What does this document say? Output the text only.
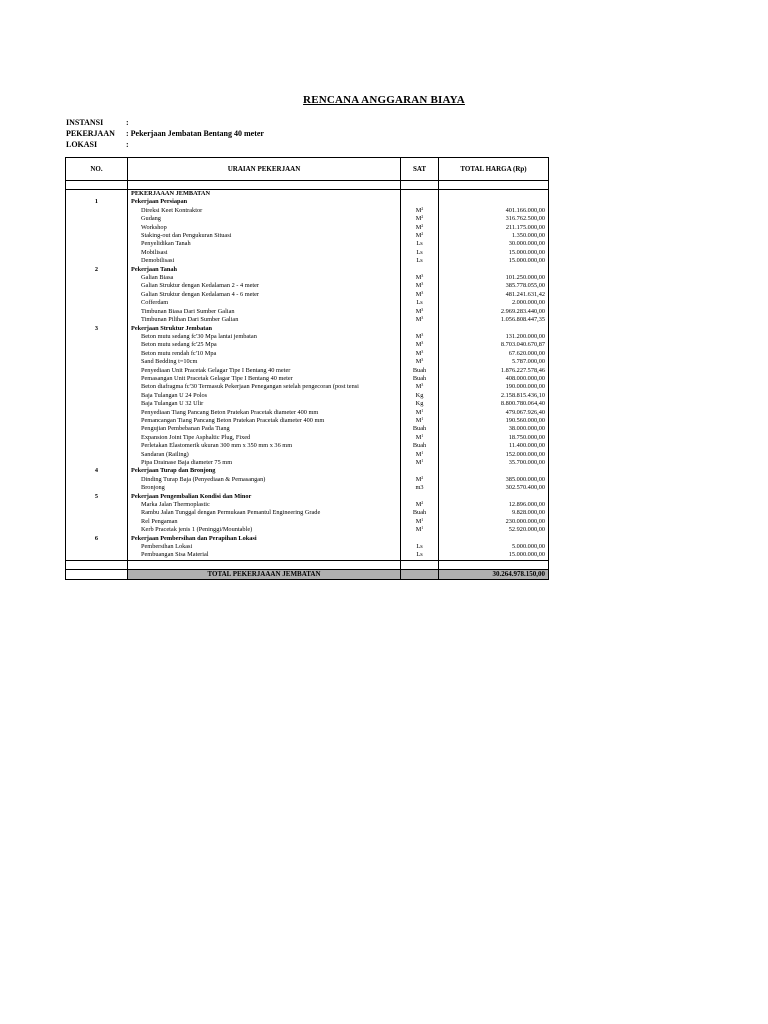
RENCANA ANGGARAN BIAYA
INSTANSI	:
PEKERJAAN : Pekerjaan Jembatan Bentang 40 meter
LOKASI	:
NO.	URAIAN PEKERJAAN	SAT	TOTAL HARGA (Rp)

	PEKERJAAAN JEMBATAN		
1	Pekerjaan Persiapan		
	Direksi Keet Kontraktor	$M^2$	401.166.000,00
	Gudang	$M^2$	316.762.500,00
	Workshop	$M^2$	211.175.000,00
	Staking-out dan Pengukuran Situasi	$M^2$	1.350.000,00
	Penyelidikan Tanah	Ls	30.000.000,00
	Mobilisasi	Ls	15.000.000,00
	Demobilisasi	Ls	15.000.000,00
2	Pekerjaan Tanah		
	Galian Biasa	$M^3$	101.250.000,00
	Galian Struktur dengan Kedalaman 2 - 4 meter	$M^3$	385.778.055,00
	Galian Struktur dengan Kedalaman 4 - 6 meter	$M^3$	481.241.631,42
	Cofferdam	Ls	2.000.000,00
	Timbunan Biasa Dari Sumber Galian	$M^3$	2.969.283.440,00
	Timbunan Pilihan Dari Sumber Galian	$M^3$	1.056.808.447,35
3	Pekerjaan Struktur Jembatan		
	Beton mutu sedang fc'30 Mpa lantai jembatan	$M^3$	131.200.000,00
	Beton mutu sedang fc'25 Mpa	$M^3$	8.703.040.670,87
	Beton mutu rendah fc'10 Mpa	$M^3$	67.620.000,00
	Sand Bedding t=10cm	$M^3$	5.787.000,00
	Penyediaan Unit Pracetak Gelagar Tipe I Bentang 40 meter	Buah	1.876.227.578,46
	Pemasangan Unit Pracetak Gelagar Tipe I Bentang 40 meter	Buah	408.000.000,00
	Beton diafragma fc'30 Termasuk Pekerjaan Penegangan setelah pengecoran (post tensi	$M^3$	190.000.000,00
	Baja Tulangan U 24 Polos	Kg	2.158.815.436,10
	Baja Tulangan U 32 Ulir	Kg	8.800.780.064,40
	Penyediaan Tiang Pancang Beton Pratekan Pracetak diameter 400 mm	$M^1$	479.067.926,40
	Pemancangan Tiang Pancang Beton Pratekan Pracetak diameter 400 mm	$M^1$	190.560.000,00
	Pengujian Pembebanan Pada Tiang	Buah	38.000.000,00
	Expansion Joint Tipe Asphaltic Plug, Fixed	$M^1$	18.750.000,00
	Perletakan Elastomerik ukuran 300 mm x 350 mm x 36 mm	Buah	11.400.000,00
	Sandaran (Railing)	$M^1$	152.000.000,00
	Pipa Drainase Baja diameter 75 mm	$M^1$	35.700.000,00
4	Pekerjaan Turap dan Bronjong		
	Dinding Turap Baja (Penyediaan & Pemasangan)	$M^2$	385.000.000,00
	Bronjong	m3	302.570.400,00
5	Pekerjaan Pengembalian Kondisi dan Minor		
	Marka Jalan Thermoplastic	$M^2$	12.896.000,00
	Rambu Jalan Tunggal dengan Permukaan Pemantul Engineering Grade	Buah	9.828.000,00
	Rel Pengaman	$M^1$	230.000.000,00
	Kerb Pracetak jenis 1 (Peninggi/Mountable)	$M^1$	52.920.000,00
6	Pekerjaan Pembersihan dan Perapihan Lokasi		
	Pembersihan Lokasi	Ls	5.000.000,00
	Pembuangan Sisa Material	Ls	15.000.000,00

	TOTAL PEKERJAAAN JEMBATAN		30.264.978.150,00
